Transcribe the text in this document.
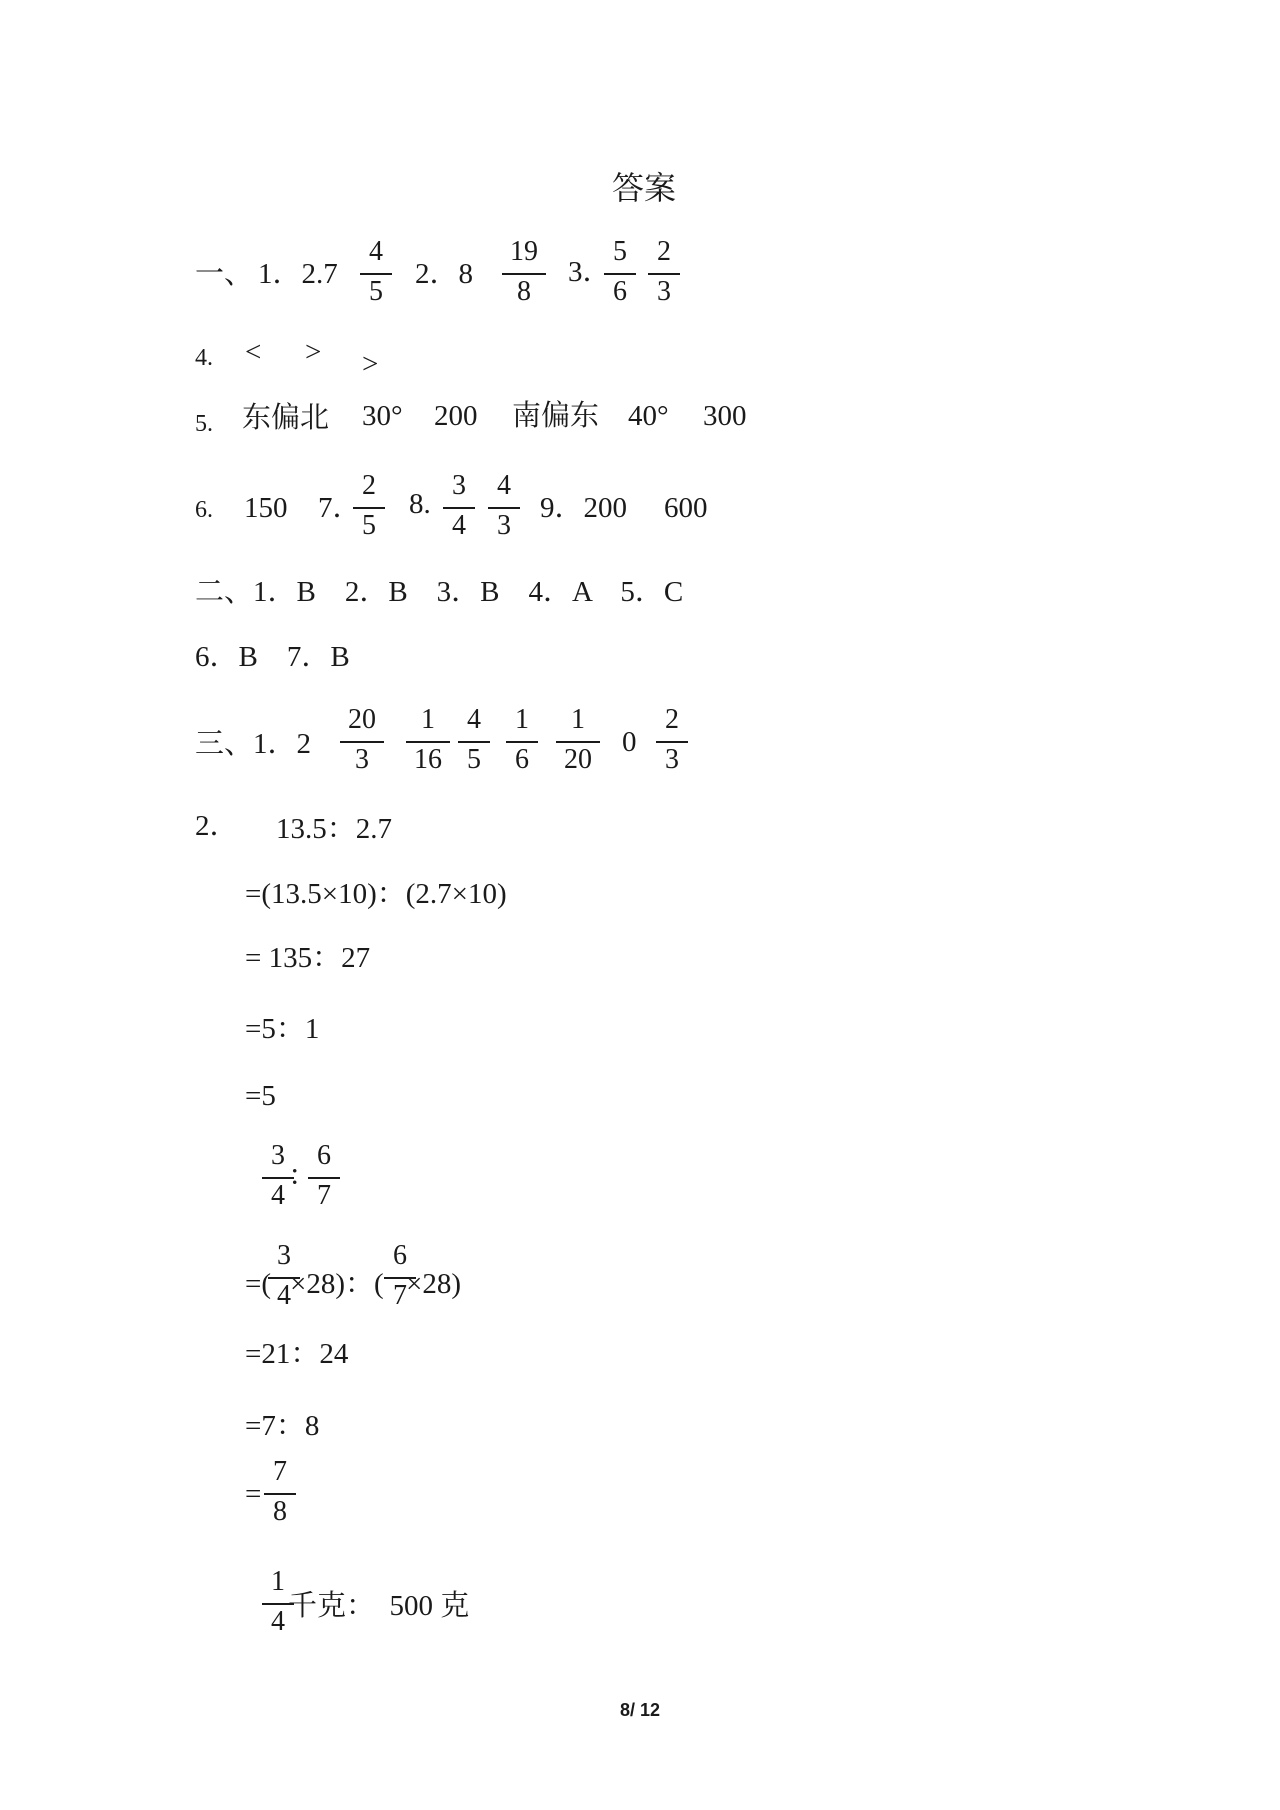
答案
一、 1．2.7
4
5
2．8
19
8
3．
5
6
2
3
4. < > >
5. 东偏北 30° 200 南偏东 40° 300
6. 150 7．
2
5
8.
3
4
4
3
9．200 600
二、1．B　2．B　3．B　4．A　5．C
6．B　7．B
三、1．2
20
3
1
16
4
5
1
6
1
20
0
2
3
2． 13.5：2.7
=(13.5×10)：(2.7×10)
= 135：27
=5：1
=5
3
4
：
6
7
=(
3
4 ×28)：(
6
7 ×28)
=21：24
=7：8
=
7
8
1
4 千克：  500 克
8/ 12
